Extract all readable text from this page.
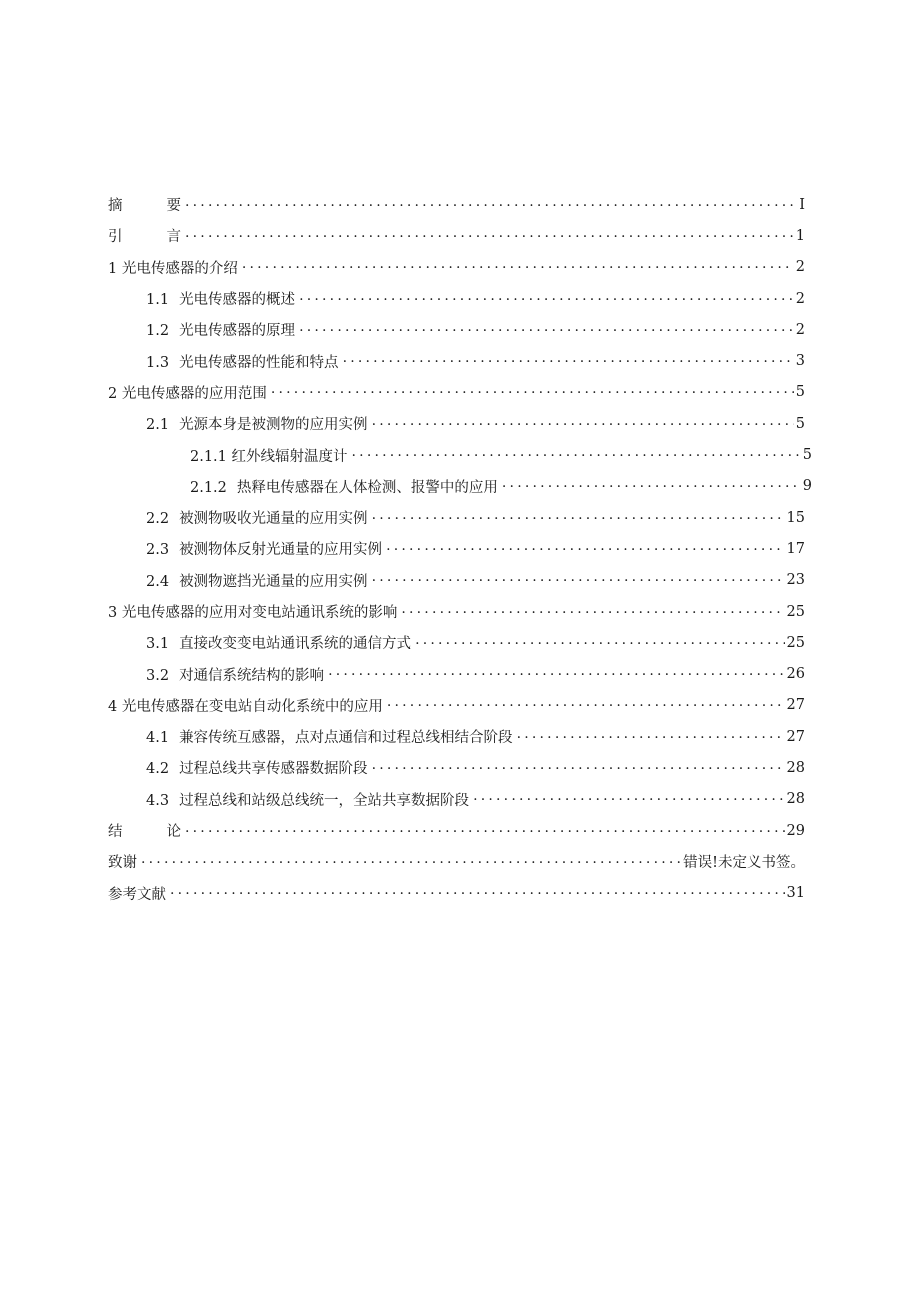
摘	要 .....	I
引	言 .....	1
1 光电传感器的介绍 .....	2
1.1 光电传感器的概述 .....	2
1.2 光电传感器的原理 .....	2
1.3 光电传感器的性能和特点 .....	3
2 光电传感器的应用范围 .....	5
2.1 光源本身是被测物的应用实例 .....	5
2.1.1 红外线辐射温度计 .....	5
2.1.2 热释电传感器在人体检测、报警中的应用 .....	9
2.2 被测物吸收光通量的应用实例 .....	15
2.3 被测物体反射光通量的应用实例 .....	17
2.4 被测物遮挡光通量的应用实例 .....	23
3 光电传感器的应用对变电站通讯系统的影响 .....	25
3.1 直接改变变电站通讯系统的通信方式 .....	25
3.2 对通信系统结构的影响 .....	26
4 光电传感器在变电站自动化系统中的应用 .....	27
4.1 兼容传统互感器，点对点通信和过程总线相结合阶段 .....	27
4.2 过程总线共享传感器数据阶段 .....	28
4.3 过程总线和站级总线统一，全站共享数据阶段 .....	28
结	论 .....	29
致谢 .....	错误!未定义书签。
参考文献 .....	31
